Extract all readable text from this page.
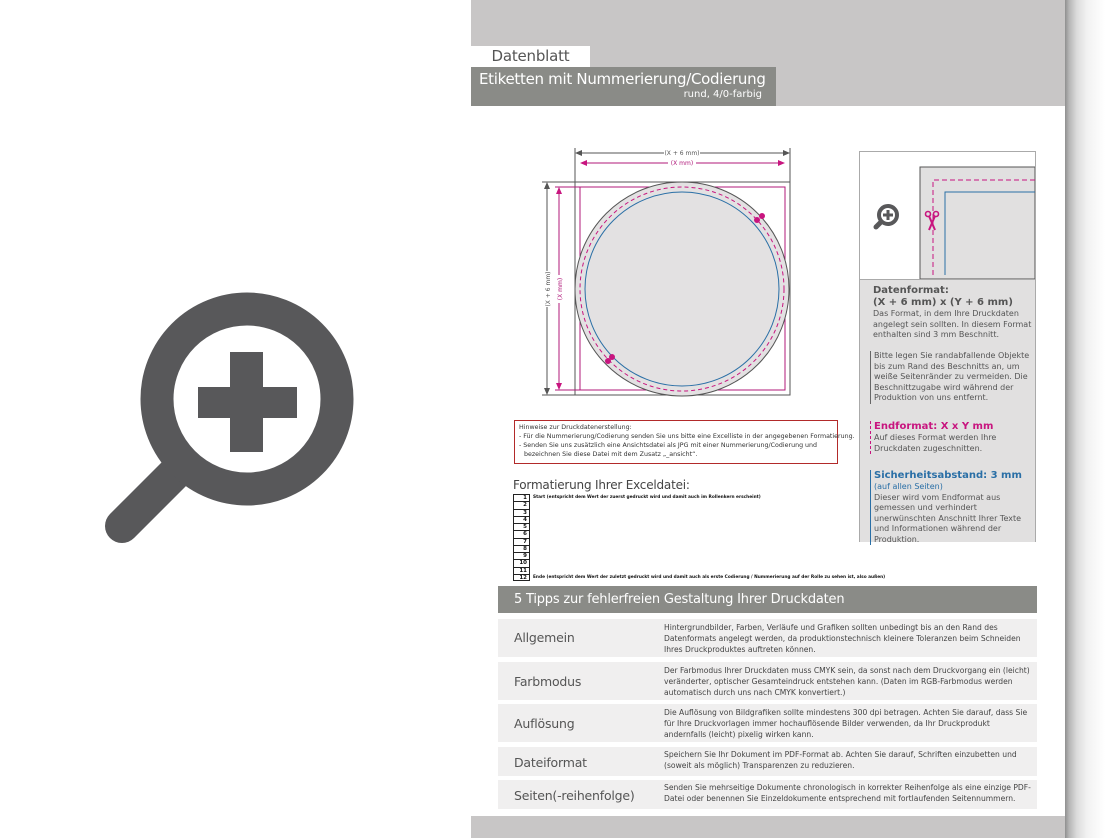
Datenblatt
Etiketten mit Nummerierung/Codierung
rund, 4/0-farbig
(X + 6 mm)
(X mm)
(X + 6 mm) (X mm)	Datenformat:
(X + 6 mm) x (Y + 6 mm)
Das Format, in dem Ihre Druckdaten angelegt sein sollten. In diesem Format enthalten sind 3 mm Beschnitt.
Bitte legen Sie randabfallende Objekte bis zum Rand des Beschnitts an, um weiße Seitenränder zu vermeiden. Die Beschnittzugabe wird während der Produktion von uns entfernt.
Endformat: X x Y mm
Auf dieses Format werden Ihre Druckdaten zugeschnitten.
Sicherheitsabstand: 3 mm
(auf allen Seiten)
Dieser wird vom Endformat aus gemessen und verhindert unerwünschten Anschnitt Ihrer Texte und Informationen während der Produktion.
Hinweise zur Druckdatenerstellung:
- Für die Nummerierung/Codierung senden Sie uns bitte eine Excelliste in der angegebenen Formatierung.
- Senden Sie uns zusätzlich eine Ansichtsdatei als JPG mit einer Nummerierung/Codierung und
bezeichnen Sie diese Datei mit dem Zusatz „_ansicht“.
Formatierung Ihrer Exceldatei:
1	Start (entspricht dem Wert der zuerst gedruckt wird und damit auch im Rollenkern erscheint)
2
3
4
5
6
7
8
9
10
11
12	Ende (entspricht dem Wert der zuletzt gedruckt wird und damit auch als erste Codierung / Nummerierung auf der Rolle zu sehen ist, also außen)
5 Tipps zur fehlerfreien Gestaltung Ihrer Druckdaten
Allgemein
Hintergrundbilder, Farben, Verläufe und Grafiken sollten unbedingt bis an den Rand des Datenformats angelegt werden, da produktionstechnisch kleinere Toleranzen beim Schneiden Ihres Druckproduktes auftreten können.
Farbmodus
Der Farbmodus Ihrer Druckdaten muss CMYK sein, da sonst nach dem Druckvorgang ein (leicht) veränderter, optischer Gesamteindruck entstehen kann. (Daten im RGB-Farbmodus werden automatisch durch uns nach CMYK konvertiert.)
Auflösung
Die Auflösung von Bildgrafiken sollte mindestens 300 dpi betragen. Achten Sie darauf, dass Sie für Ihre Druckvorlagen immer hochauflösende Bilder verwenden, da Ihr Druckprodukt andernfalls (leicht) pixelig wirken kann.
Dateiformat
Speichern Sie Ihr Dokument im PDF-Format ab. Achten Sie darauf, Schriften einzubetten und (soweit als möglich) Transparenzen zu reduzieren.
Seiten(-reihenfolge)
Senden Sie mehrseitige Dokumente chronologisch in korrekter Reihenfolge als eine einzige PDF-Datei oder benennen Sie Einzeldokumente entsprechend mit fortlaufenden Seitennummern.
